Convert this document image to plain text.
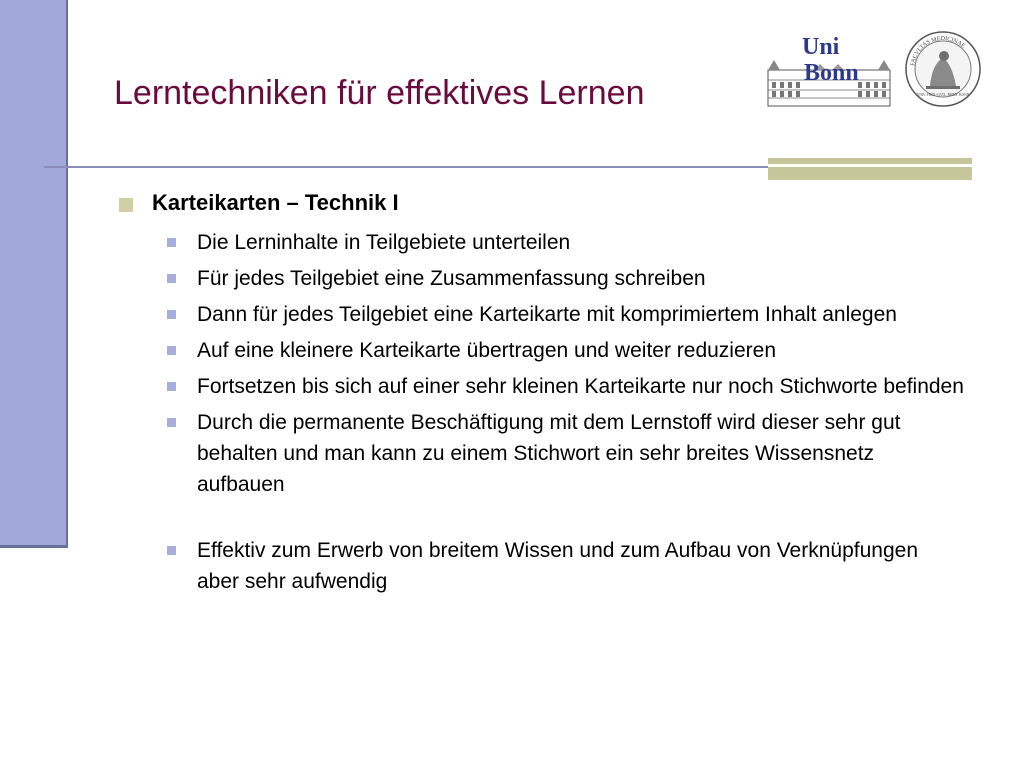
Lerntechniken für effektives Lernen
Uni
Bonn	FACVLTAS MEDICINAE
UNIV. FRID.-GVIL. RHEN. BONN
Karteikarten – Technik I
Die Lerninhalte in Teilgebiete unterteilen
Für jedes Teilgebiet eine Zusammenfassung schreiben
Dann für jedes Teilgebiet eine Karteikarte mit komprimiertem Inhalt anlegen
Auf eine kleinere Karteikarte übertragen und weiter reduzieren
Fortsetzen bis sich auf einer sehr kleinen Karteikarte nur noch Stichworte befinden
Durch die permanente Beschäftigung mit dem Lernstoff wird dieser sehr gut behalten und man kann zu einem Stichwort ein sehr breites Wissensnetz aufbauen
Effektiv zum Erwerb von breitem Wissen und zum Aufbau von Verknüpfungen aber sehr aufwendig
